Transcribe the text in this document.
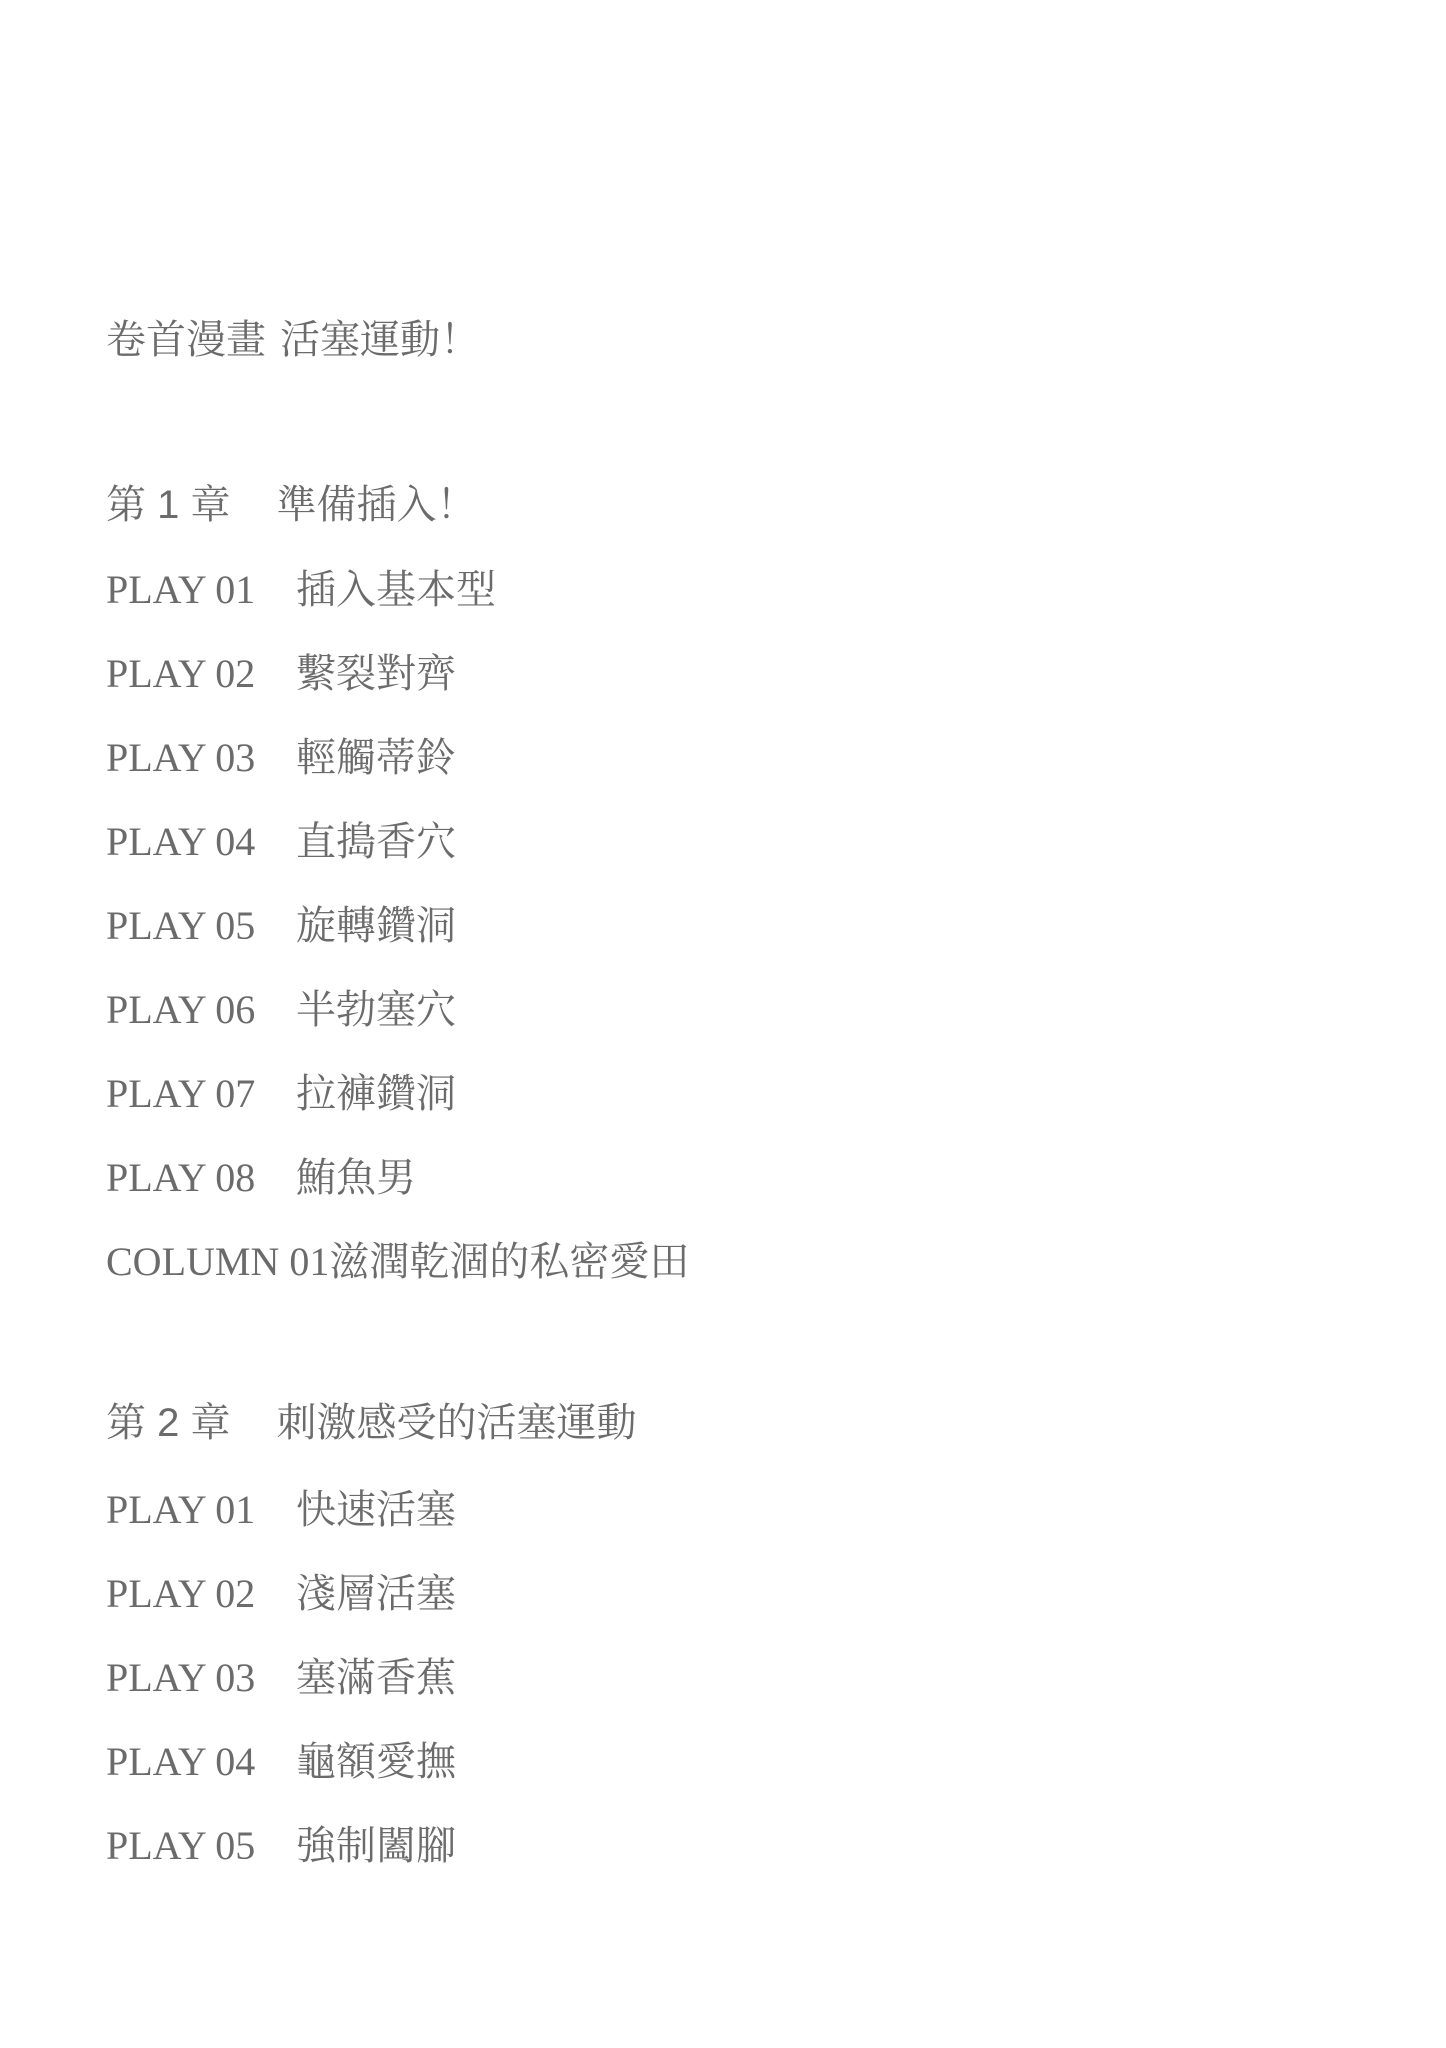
卷首漫畫 活塞運動！
第 1 章 準備插入！
PLAY 01 插入基本型
PLAY 02 繫裂對齊
PLAY 03 輕觸蒂鈴
PLAY 04 直搗香穴
PLAY 05 旋轉鑽洞
PLAY 06 半勃塞穴
PLAY 07 拉褲鑽洞
PLAY 08 鮪魚男
COLUMN 01滋潤乾涸的私密愛田
第 2 章 刺激感受的活塞運動
PLAY 01 快速活塞
PLAY 02 淺層活塞
PLAY 03 塞滿香蕉
PLAY 04 龜額愛撫
PLAY 05 強制闔腳
